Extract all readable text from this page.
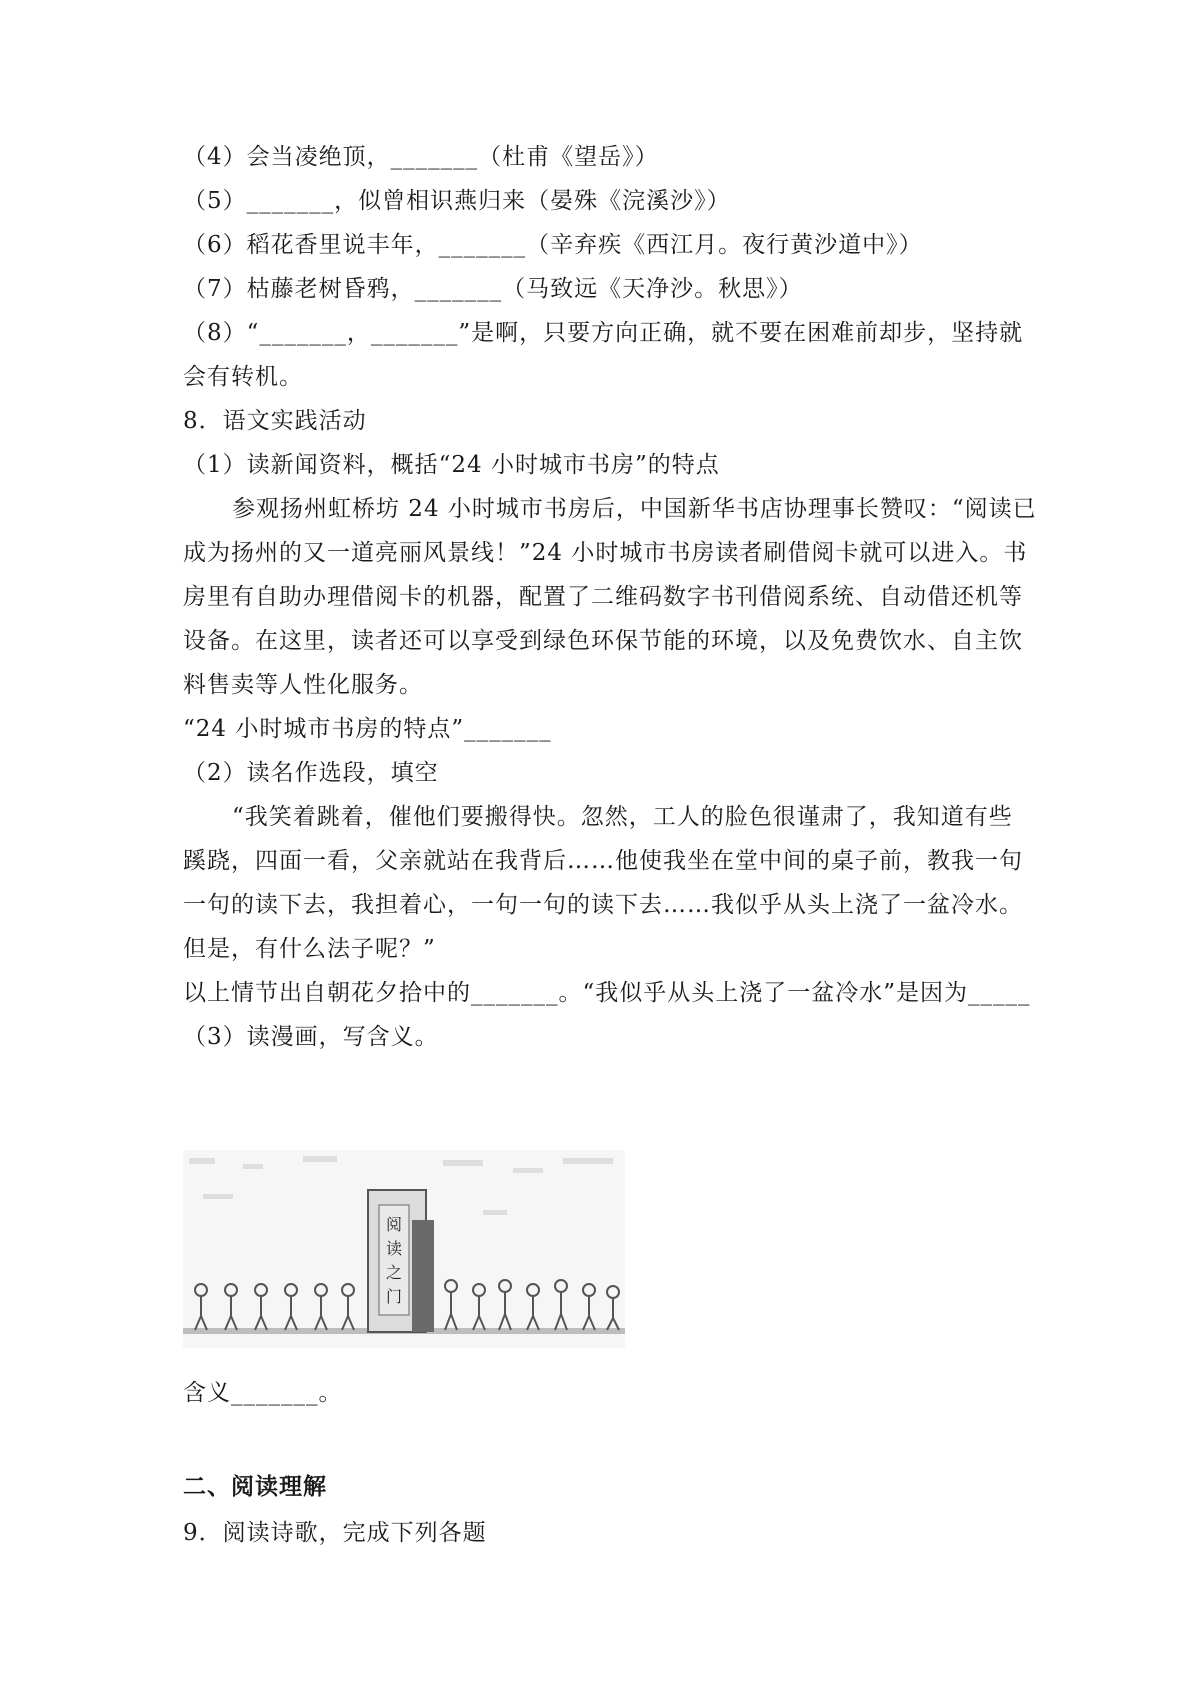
（4）会当凌绝顶，_______（杜甫《望岳》）
（5）_______，似曾相识燕归来（晏殊《浣溪沙》）
（6）稻花香里说丰年，_______（辛弃疾《西江月。夜行黄沙道中》）
（7）枯藤老树昏鸦，_______（马致远《天净沙。秋思》）
（8）“_______，_______”是啊，只要方向正确，就不要在困难前却步，坚持就
会有转机。
8．语文实践活动
（1）读新闻资料，概括“24 小时城市书房”的特点
参观扬州虹桥坊 24 小时城市书房后，中国新华书店协理事长赞叹：“阅读已
成为扬州的又一道亮丽风景线！”24 小时城市书房读者刷借阅卡就可以进入。书
房里有自助办理借阅卡的机器，配置了二维码数字书刊借阅系统、自动借还机等
设备。在这里，读者还可以享受到绿色环保节能的环境，以及免费饮水、自主饮
料售卖等人性化服务。
“24 小时城市书房的特点”_______
（2）读名作选段，填空
“我笑着跳着，催他们要搬得快。忽然，工人的脸色很谨肃了，我知道有些
蹊跷，四面一看，父亲就站在我背后……他使我坐在堂中间的桌子前，教我一句
一句的读下去，我担着心，一句一句的读下去……我似乎从头上浇了一盆冷水。
但是，有什么法子呢？”
以上情节出自朝花夕拾中的_______。“我似乎从头上浇了一盆冷水”是因为_____
（3）读漫画，写含义。
阅
读
之
门
含义_______。
二、阅读理解
9．阅读诗歌，完成下列各题
